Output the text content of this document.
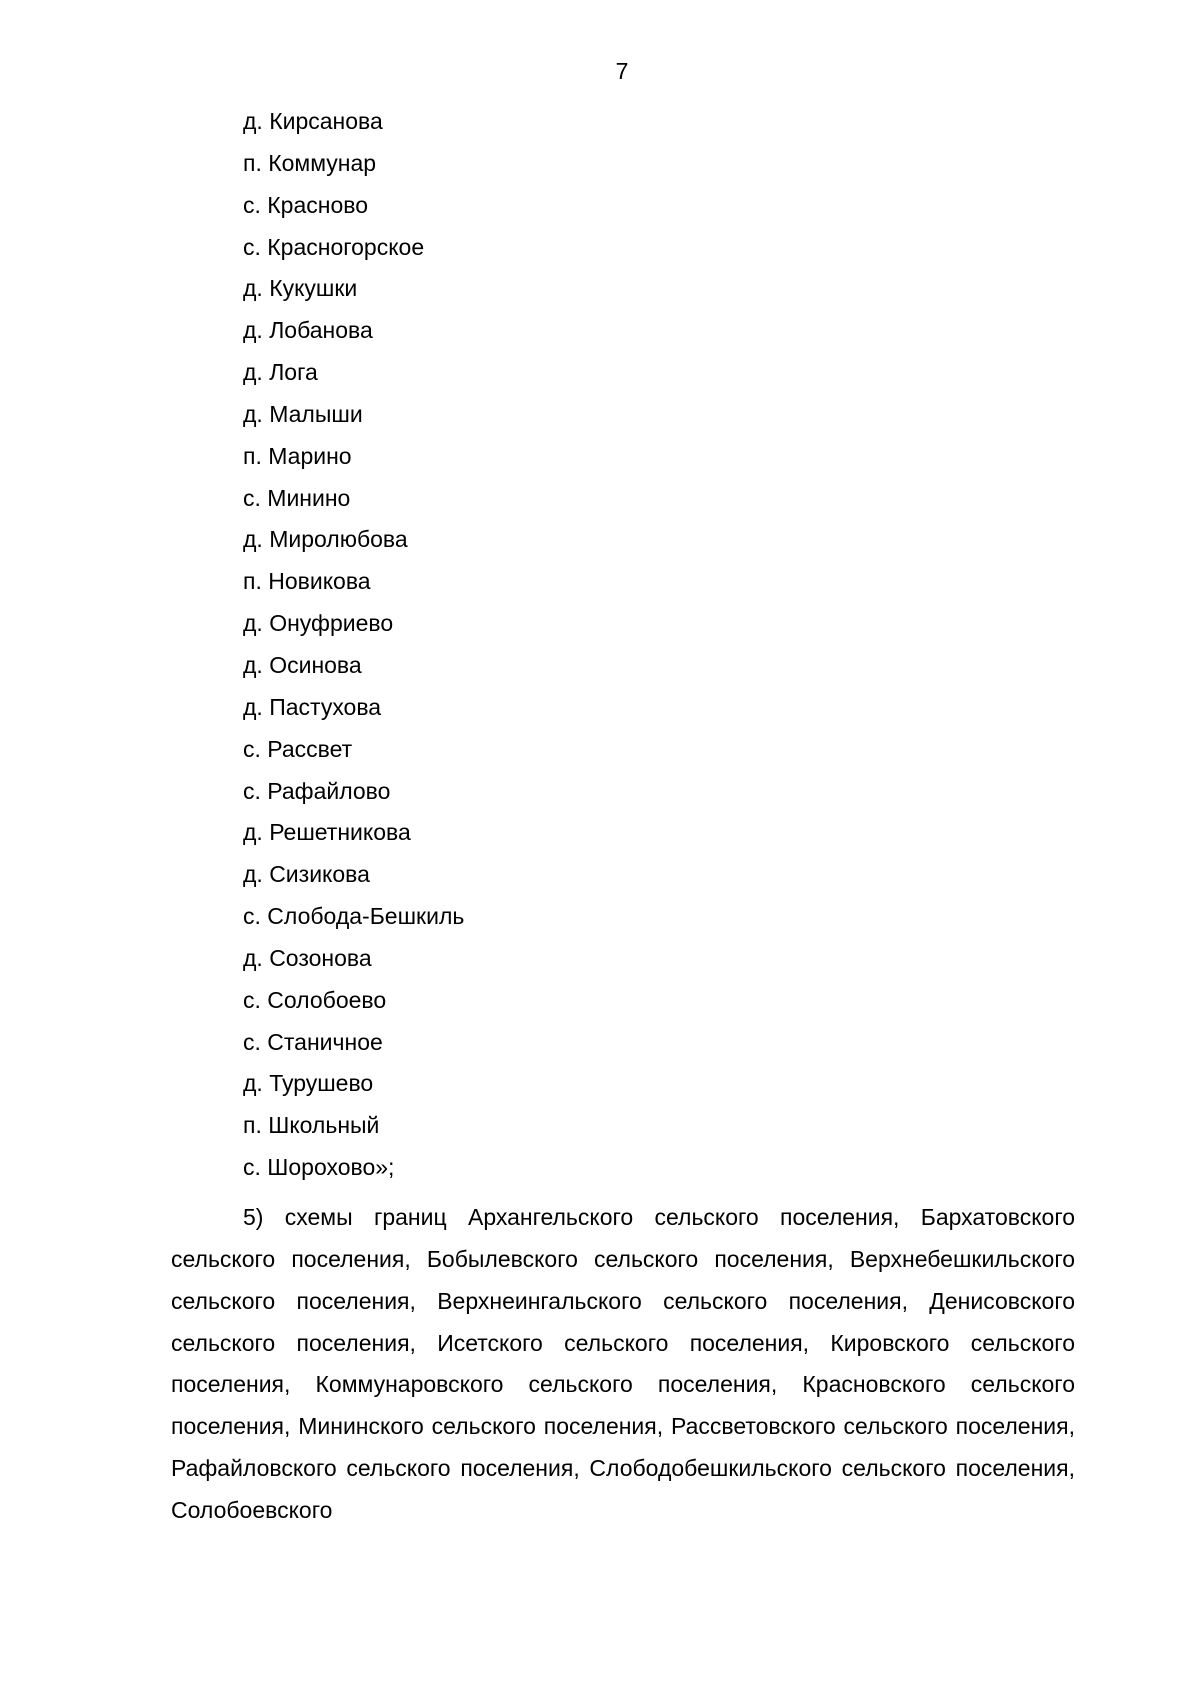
7
д. Кирсанова
п. Коммунар
с. Красново
с. Красногорское
д. Кукушки
д. Лобанова
д. Лога
д. Малыши
п. Марино
с. Минино
д. Миролюбова
п. Новикова
д. Онуфриево
д. Осинова
д. Пастухова
с. Рассвет
с. Рафайлово
д. Решетникова
д. Сизикова
с. Слобода-Бешкиль
д. Созонова
с. Солобоево
с. Станичное
д. Турушево
п. Школьный
с. Шорохово»;

5) схемы границ Архангельского сельского поселения, Бархатовского сельского поселения, Бобылевского сельского поселения, Верхнебешкильского сельского поселения, Верхнеингальского сельского поселения, Денисовского сельского поселения, Исетского сельского поселения, Кировского сельского поселения, Коммунаровского сельского поселения, Красновского сельского поселения, Мининского сельского поселения, Рассветовского сельского поселения, Рафайловского сельского поселения, Слободобешкильского сельского поселения, Солобоевского
